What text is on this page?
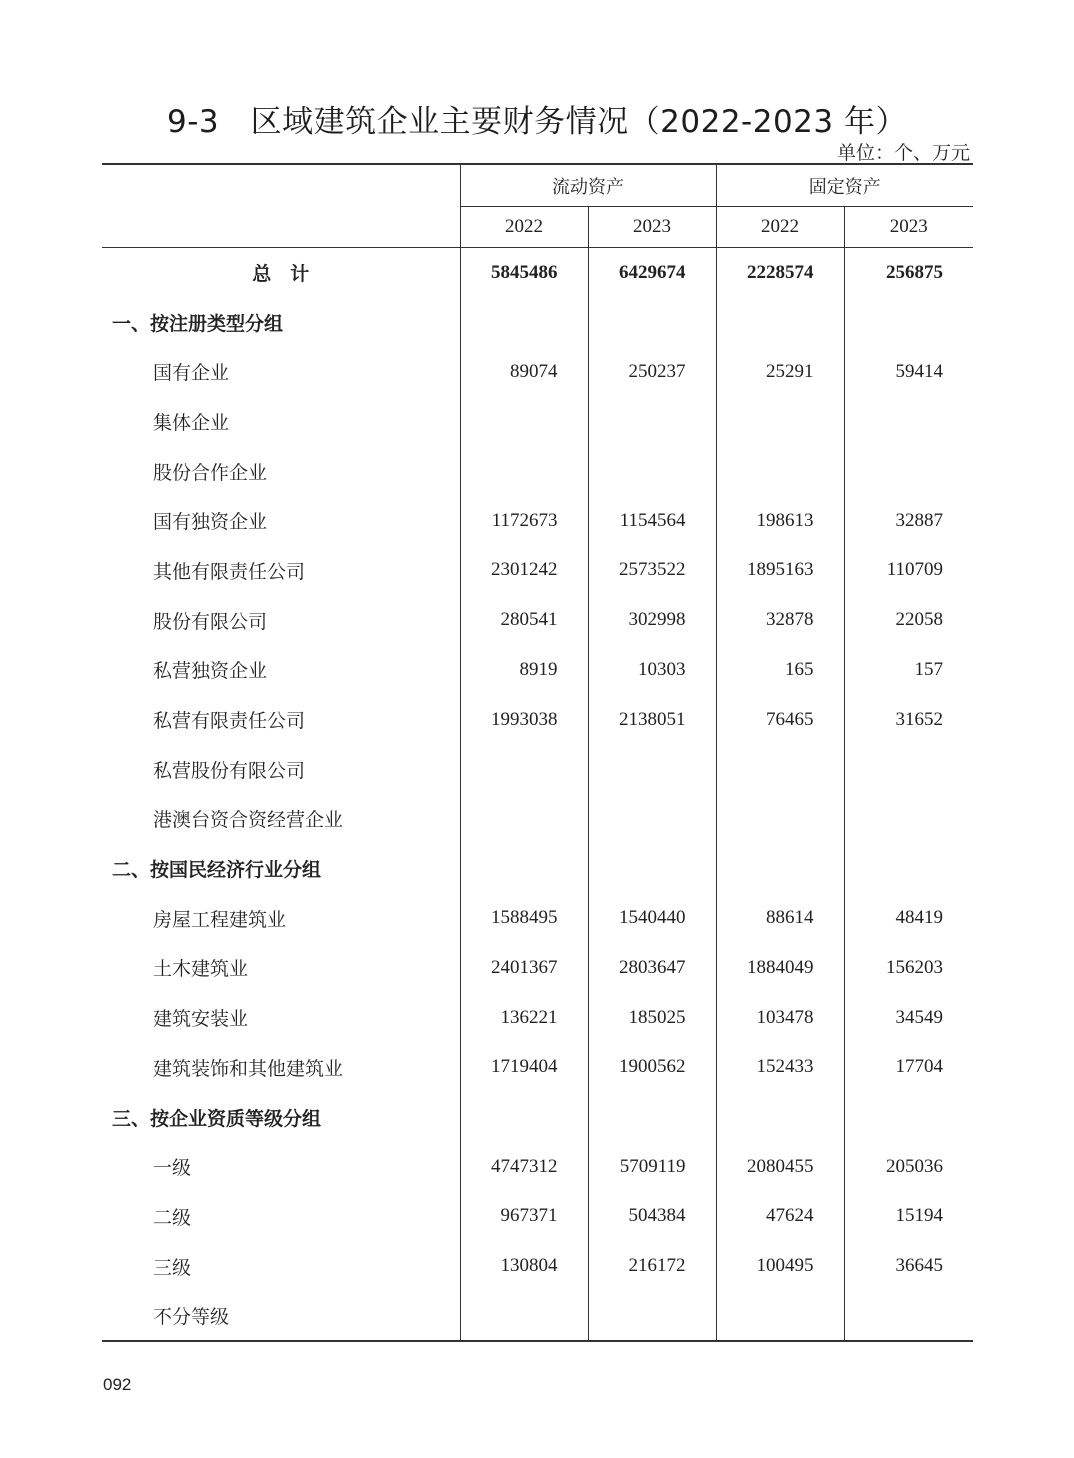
9-3　区域建筑企业主要财务情况（2022-2023 年）
单位：个、万元
	流动资产		固定资产	
	2022	2023	2022	2023
总　计	5845486	6429674	2228574	256875
一、按注册类型分组				
国有企业	89074	250237	25291	59414
集体企业				
股份合作企业				
国有独资企业	1172673	1154564	198613	32887
其他有限责任公司	2301242	2573522	1895163	110709
股份有限公司	280541	302998	32878	22058
私营独资企业	8919	10303	165	157
私营有限责任公司	1993038	2138051	76465	31652
私营股份有限公司				
港澳台资合资经营企业				
二、按国民经济行业分组				
房屋工程建筑业	1588495	1540440	88614	48419
土木建筑业	2401367	2803647	1884049	156203
建筑安装业	136221	185025	103478	34549
建筑装饰和其他建筑业	1719404	1900562	152433	17704
三、按企业资质等级分组				
一级	4747312	5709119	2080455	205036
二级	967371	504384	47624	15194
三级	130804	216172	100495	36645
不分等级				
092
